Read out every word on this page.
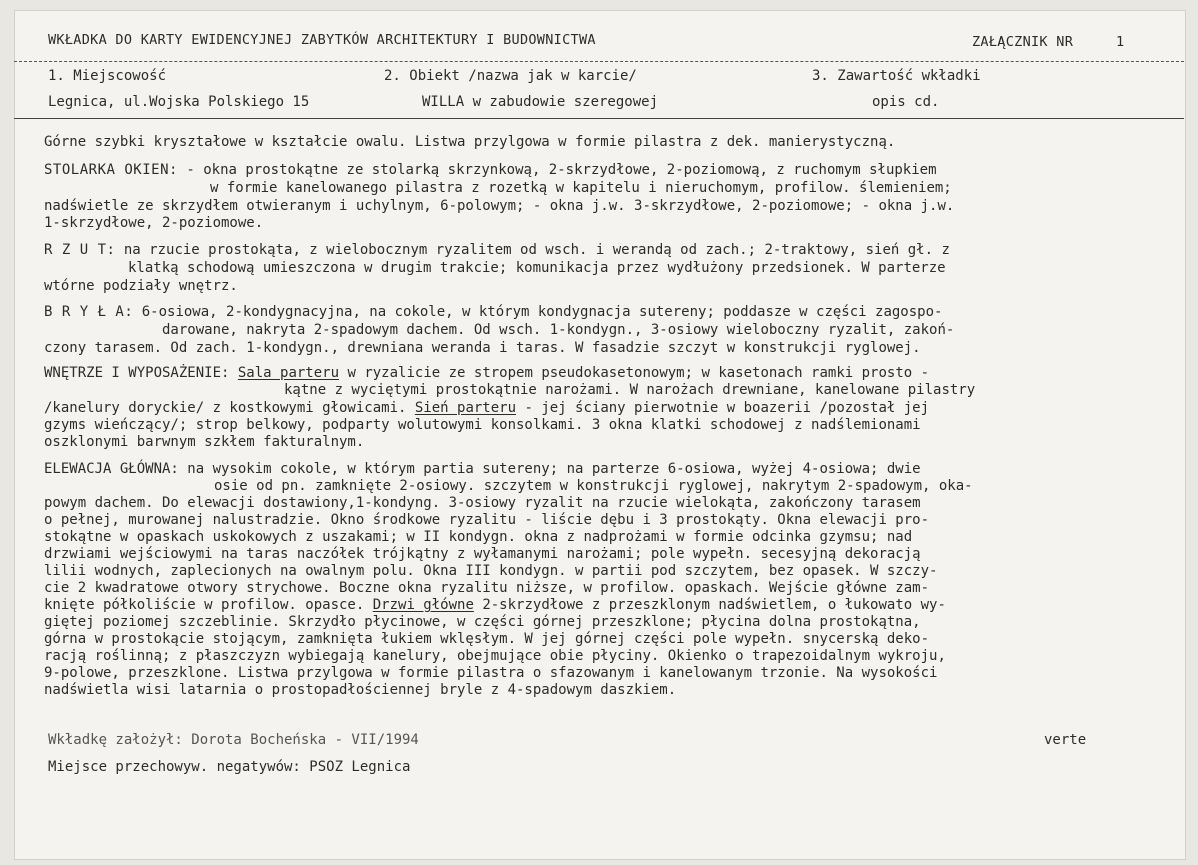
WKŁADKA DO KARTY EWIDENCYJNEJ ZABYTKÓW ARCHITEKTURY I BUDOWNICTWA	ZAŁĄCZNIK NR	1
1. Miejscowość	2. Obiekt /nazwa jak w karcie/	3. Zawartość wkładki
Legnica, ul.Wojska Polskiego 15	WILLA w zabudowie szeregowej	opis cd.
Górne szybki kryształowe w kształcie owalu. Listwa przylgowa w formie pilastra z dek. manierystyczną.
STOLARKA OKIEN: - okna prostokątne ze stolarką skrzynkową, 2-skrzydłowe, 2-poziomową, z ruchomym słupkiem
w formie kanelowanego pilastra z rozetką w kapitelu i nieruchomym, profilow. ślemieniem;
nadświetle ze skrzydłem otwieranym i uchylnym, 6-polowym; - okna j.w. 3-skrzydłowe, 2-poziomowe; - okna j.w.
1-skrzydłowe, 2-poziomowe.
R Z U T: na rzucie prostokąta, z wielobocznym ryzalitem od wsch. i werandą od zach.; 2-traktowy, sień gł. z
klatką schodową umieszczona w drugim trakcie; komunikacja przez wydłużony przedsionek. W parterze
wtórne podziały wnętrz.
B R Y Ł A: 6-osiowa, 2-kondygnacyjna, na cokole, w którym kondygnacja sutereny; poddasze w części zagospo-
darowane, nakryta 2-spadowym dachem. Od wsch. 1-kondygn., 3-osiowy wieloboczny ryzalit, zakoń-
czony tarasem. Od zach. 1-kondygn., drewniana weranda i taras. W fasadzie szczyt w konstrukcji ryglowej.
WNĘTRZE I WYPOSAŻENIE: Sala parteru w ryzalicie ze stropem pseudokasetonowym; w kasetonach ramki prosto -
kątne z wyciętymi prostokątnie narożami. W narożach drewniane, kanelowane pilastry
/kanelury doryckie/ z kostkowymi głowicami. Sień parteru - jej ściany pierwotnie w boazerii /pozostał jej
gzyms wieńczący/; strop belkowy, podparty wolutowymi konsolkami. 3 okna klatki schodowej z nadślemionami
oszklonymi barwnym szkłem fakturalnym.
ELEWACJA GŁÓWNA: na wysokim cokole, w którym partia sutereny; na parterze 6-osiowa, wyżej 4-osiowa; dwie
osie od pn. zamknięte 2-osiowy. szczytem w konstrukcji ryglowej, nakrytym 2-spadowym, oka-
powym dachem. Do elewacji dostawiony,1-kondyng. 3-osiowy ryzalit na rzucie wielokąta, zakończony tarasem
o pełnej, murowanej nalustradzie. Okno środkowe ryzalitu - liście dębu i 3 prostokąty. Okna elewacji pro-
stokątne w opaskach uskokowych z uszakami; w II kondygn. okna z nadprożami w formie odcinka gzymsu; nad
drzwiami wejściowymi na taras naczółek trójkątny z wyłamanymi narożami; pole wypełn. secesyjną dekoracją
lilii wodnych, zaplecionych na owalnym polu. Okna III kondygn. w partii pod szczytem, bez opasek. W szczy-
cie 2 kwadratowe otwory strychowe. Boczne okna ryzalitu niższe, w profilow. opaskach. Wejście główne zam-
knięte półkoliście w profilow. opasce. Drzwi główne 2-skrzydłowe z przeszklonym nadświetlem, o łukowato wy-
giętej poziomej szczeblinie. Skrzydło płycinowe, w części górnej przeszklone; płycina dolna prostokątna,
górna w prostokącie stojącym, zamknięta łukiem wklęsłym. W jej górnej części pole wypełn. snycerską deko-
racją roślinną; z płaszczyzn wybiegają kanelury, obejmujące obie płyciny. Okienko o trapezoidalnym wykroju,
9-polowe, przeszklone. Listwa przylgowa w formie pilastra o sfazowanym i kanelowanym trzonie. Na wysokości
nadświetla wisi latarnia o prostopadłościennej bryle z 4-spadowym daszkiem.
Wkładkę założył: Dorota Bocheńska - VII/1994	verte
Miejsce przechowyw. negatywów: PSOZ Legnica
